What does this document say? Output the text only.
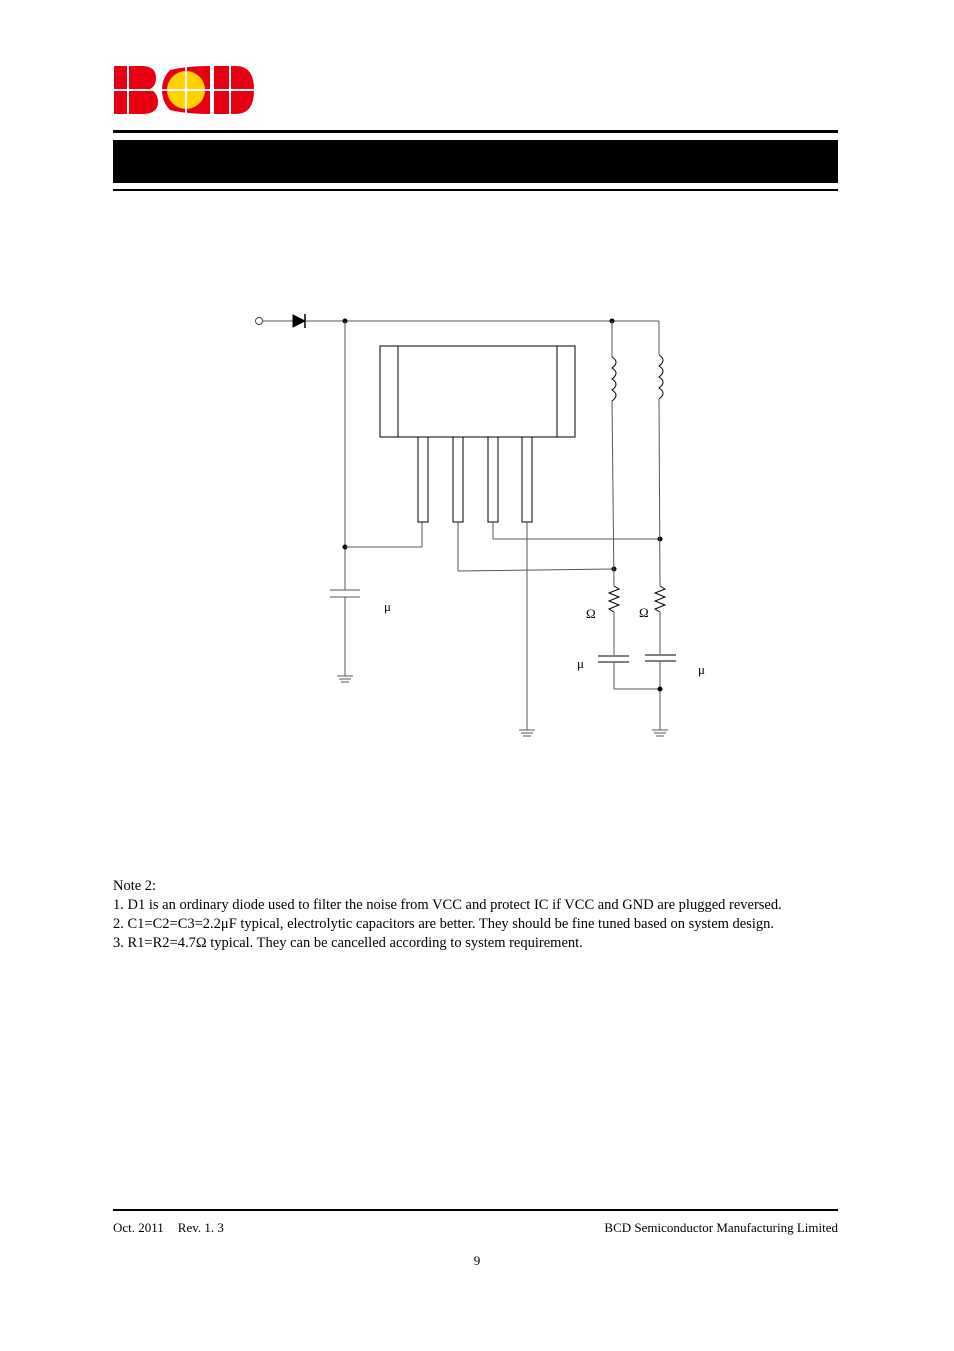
μ	Ω	Ω
μ	μ

Note 2:

1. D1 is an ordinary diode used to filter the noise from VCC and protect IC if VCC and GND are plugged reversed.

2. C1=C2=C3=2.2μF typical, electrolytic capacitors are better. They should be fine tuned based on system design.

3. R1=R2=4.7Ω typical. They can be cancelled according to system requirement.

Oct. 2011 Rev. 1. 3	BCD Semiconductor Manufacturing Limited
9
